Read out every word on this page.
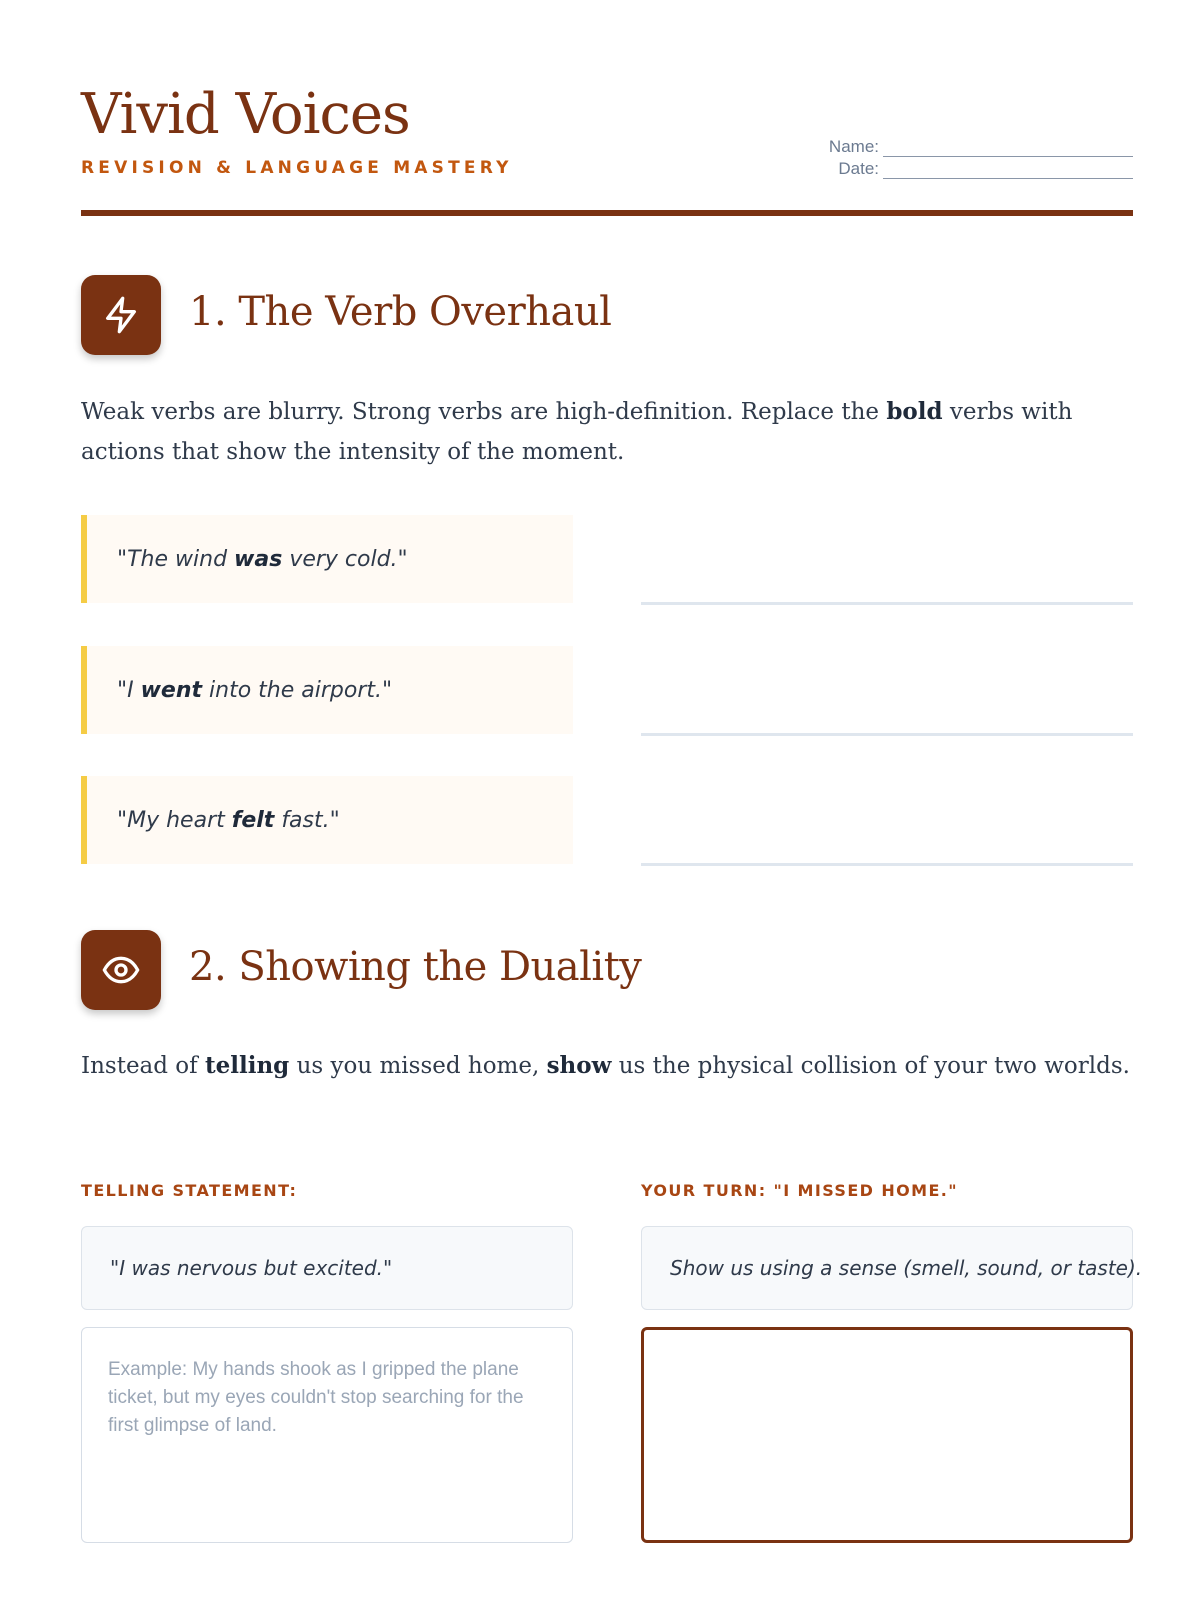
Vivid Voices
REVISION & LANGUAGE MASTERY
Name:
Date:
1. The Verb Overhaul
Weak verbs are blurry. Strong verbs are high-definition. Replace the bold verbs with actions that show the intensity of the moment.
"The wind
was
very cold."
"I
went
into the airport."
"My heart
felt
fast."
2. Showing the Duality
Instead of telling us you missed home, show us the physical collision of your two worlds.
TELLING STATEMENT:	YOUR TURN: "I MISSED HOME."
"I was nervous but excited."	Show us using a sense (smell, sound, or taste).
Example: My hands shook as I gripped the plane ticket, but my eyes couldn't stop searching for the first glimpse of land.
